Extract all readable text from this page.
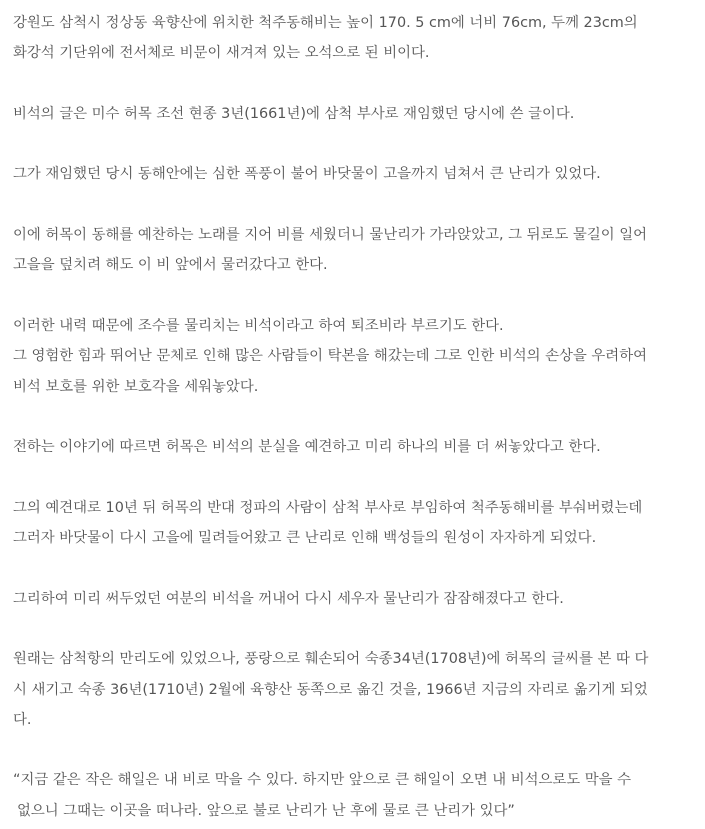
강원도 삼척시 정상동 육향산에 위치한 척주동해비는 높이 170. 5 cm에 너비 76cm, 두께 23cm의
화강석 기단위에 전서체로 비문이 새겨져 있는 오석으로 된 비이다.
비석의 글은 미수 허목 조선 현종 3년(1661년)에 삼척 부사로 재임했던 당시에 쓴 글이다.
그가 재임했던 당시 동해안에는 심한 폭풍이 불어 바닷물이 고을까지 넘쳐서 큰 난리가 있었다.
이에 허목이 동해를 예찬하는 노래를 지어 비를 세웠더니 물난리가 가라앉았고, 그 뒤로도 물길이 일어
고을을 덮치려 해도 이 비 앞에서 물러갔다고 한다.
이러한 내력 때문에 조수를 물리치는 비석이라고 하여 퇴조비라 부르기도 한다.
그 영험한 힘과 뛰어난 문체로 인해 많은 사람들이 탁본을 해갔는데 그로 인한 비석의 손상을 우려하여
비석 보호를 위한 보호각을 세워놓았다.
전하는 이야기에 따르면 허목은 비석의 분실을 예견하고 미리 하나의 비를 더 써놓았다고 한다.
그의 예견대로 10년 뒤 허목의 반대 정파의 사람이 삼척 부사로 부임하여 척주동해비를 부숴버렸는데
그러자 바닷물이 다시 고을에 밀려들어왔고 큰 난리로 인해 백성들의 원성이 자자하게 되었다.
그리하여 미리 써두었던 여분의 비석을 꺼내어 다시 세우자 물난리가 잠잠해졌다고 한다.
원래는 삼척항의 만리도에 있었으나, 풍랑으로 훼손되어 숙종34년(1708년)에 허목의 글씨를 본 따 다
시 새기고 숙종 36년(1710년) 2월에 육향산 동쪽으로 옮긴 것을, 1966년 지금의 자리로 옮기게 되었
다.
“지금 같은 작은 해일은 내 비로 막을 수 있다. 하지만 앞으로 큰 해일이 오면 내 비석으로도 막을 수
없으니 그때는 이곳을 떠나라. 앞으로 불로 난리가 난 후에 물로 큰 난리가 있다”
